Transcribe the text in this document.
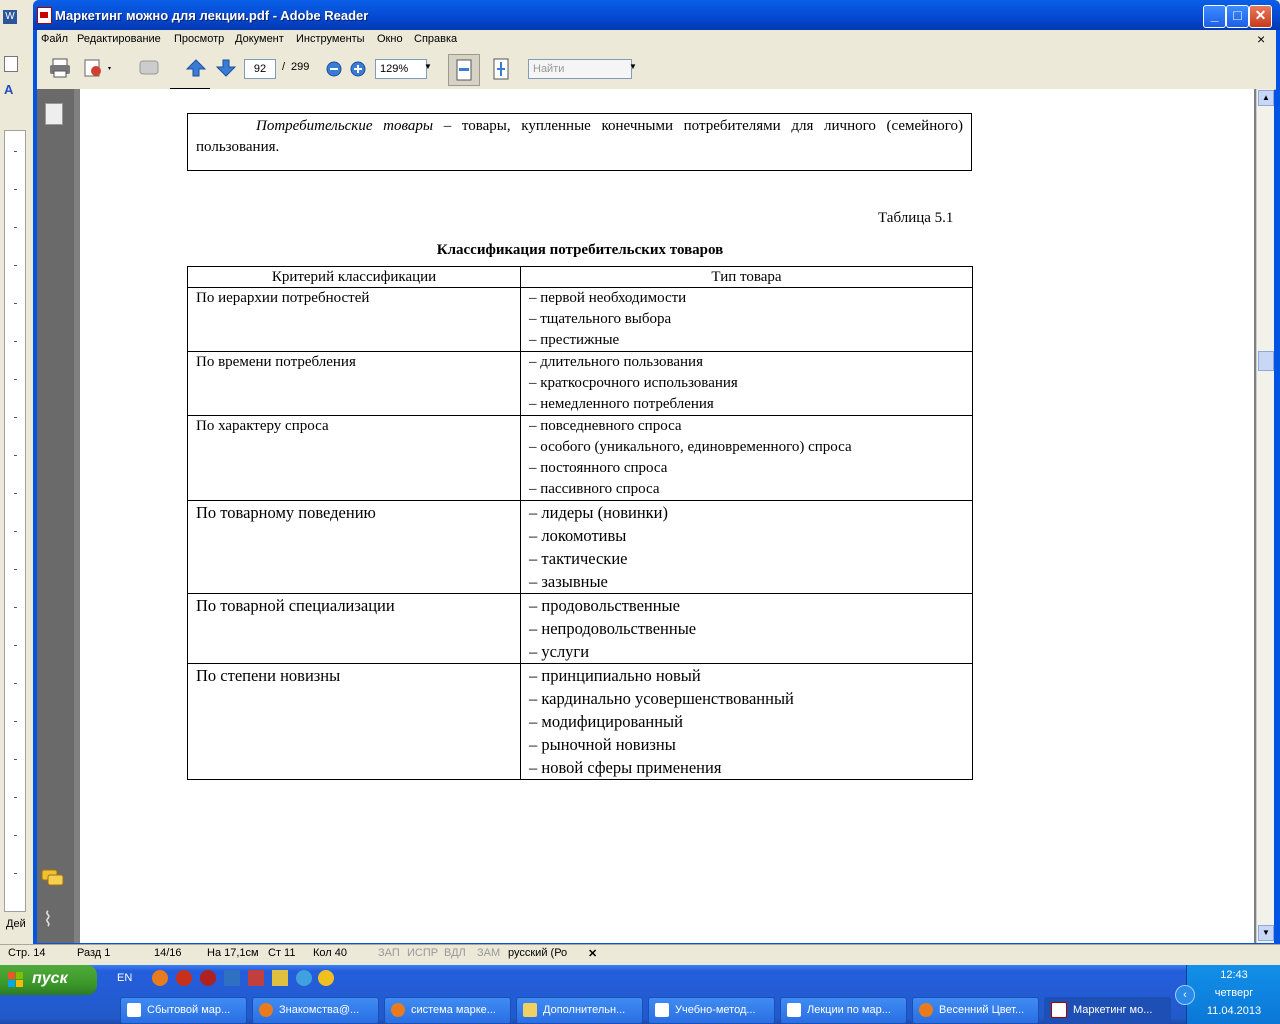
W
A
Дей
Маркетинг можно для лекции.pdf - Adobe Reader	_	□ ✕
Файл Редактирование Просмотр Документ Инструменты Окно Справка	×
92	/ 299	129%	▼	Найти	▼
⌇
Потребительские товары – товары, купленные конечными потребителями для личного (семейного) пользования.
Таблица 5.1
Классификация потребительских товаров
Критерий классификации	Тип товара

По иерархии потребностей	– первой необходимости
– тщательного выбора
– престижные

По времени потребления	– длительного пользования
– краткосрочного использования
– немедленного потребления

По характеру спроса	– повседневного спроса
– особого (уникального, единовременного) спроса
– постоянного спроса
– пассивного спроса

По товарному поведению	– лидеры (новинки)
– локомотивы
– тактические
– зазывные

По товарной специализации	– продовольственные
– непродовольственные
– услуги

По степени новизны	– принципиально новый
– кардинально усовершенствованный
– модифицированный
– рыночной новизны
– новой сферы применения
▲
▼
Стр. 14	Разд 1	14/16 На 17,1см Ст 11 Кол 40	ЗАП ИСПР ВДЛ ЗАМ русский (Ро ✕
пуск	EN
Сбытовой мар...	Знакомства@...	система марке...	Дополнительн...	Учебно-метод...	Лекции по мар...	Весенний Цвет...	Маркетинг мо...
‹
12:43
четверг
11.04.2013
